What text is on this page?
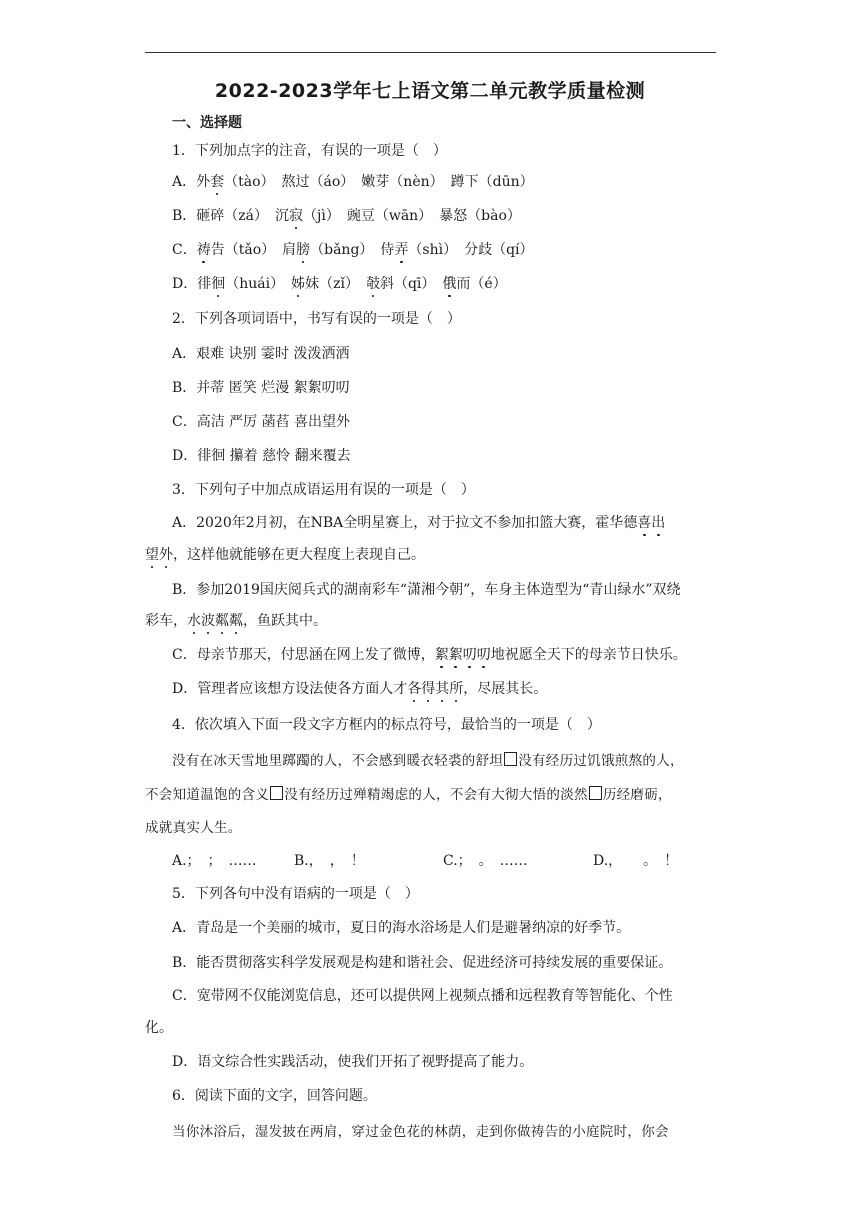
2022-2023学年七上语文第二单元教学质量检测
一、选择题
1．下列加点字的注音，有误的一项是（　）
A．外套（tào）　熬过（áo）　嫩芽（nèn）　蹲下（dūn）
B．砸碎（zá）　沉寂（jì）　豌豆（wān）　暴怒（bào）
C．祷告（tǎo）　肩膀（bǎng）　侍弄（shì）　分歧（qí）
D．徘徊（huái）　姊妹（zǐ）　攲斜（qī）　俄而（é）
2．下列各项词语中，书写有误的一项是（　）
A．艰难 诀别 霎时 泼泼洒洒
B．并蒂 匿笑 烂漫 絮絮叨叨
C．高洁 严厉 菡萏 喜出望外
D．徘徊 攥着 慈怜 翻来覆去
3．下列句子中加点成语运用有误的一项是（　）
A．2020年2月初，在NBA全明星赛上，对于拉文不参加扣篮大赛，霍华德喜出
望外，这样他就能够在更大程度上表现自己。
B．参加2019国庆阅兵式的湖南彩车“潇湘今朝”，车身主体造型为“青山绿水”双绕
彩车，水波粼粼，鱼跃其中。
C．母亲节那天，付思涵在网上发了微博，絮絮叨叨地祝愿全天下的母亲节日快乐。
D．管理者应该想方设法使各方面人才各得其所，尽展其长。
4．依次填入下面一段文字方框内的标点符号，最恰当的一项是（　）
没有在冰天雪地里踯躅的人，不会感到暖衣轻裘的舒坦 没有经历过饥饿煎熬的人，
不会知道温饱的含义 没有经历过殚精竭虑的人，不会有大彻大悟的淡然 历经磨砺，
成就真实人生。
A.；　；　……	B.，　，　！	C.；　。　……	D.，　　。　！
5．下列各句中没有语病的一项是（　）
A．青岛是一个美丽的城市，夏日的海水浴场是人们是避暑纳凉的好季节。
B．能否贯彻落实科学发展观是构建和谐社会、促进经济可持续发展的重要保证。
C．宽带网不仅能浏览信息，还可以提供网上视频点播和远程教育等智能化、个性
化。
D．语文综合性实践活动，使我们开拓了视野提高了能力。
6．阅读下面的文字，回答问题。
当你沐浴后，湿发披在两肩，穿过金色花的林荫，走到你做祷告的小庭院时，你会
